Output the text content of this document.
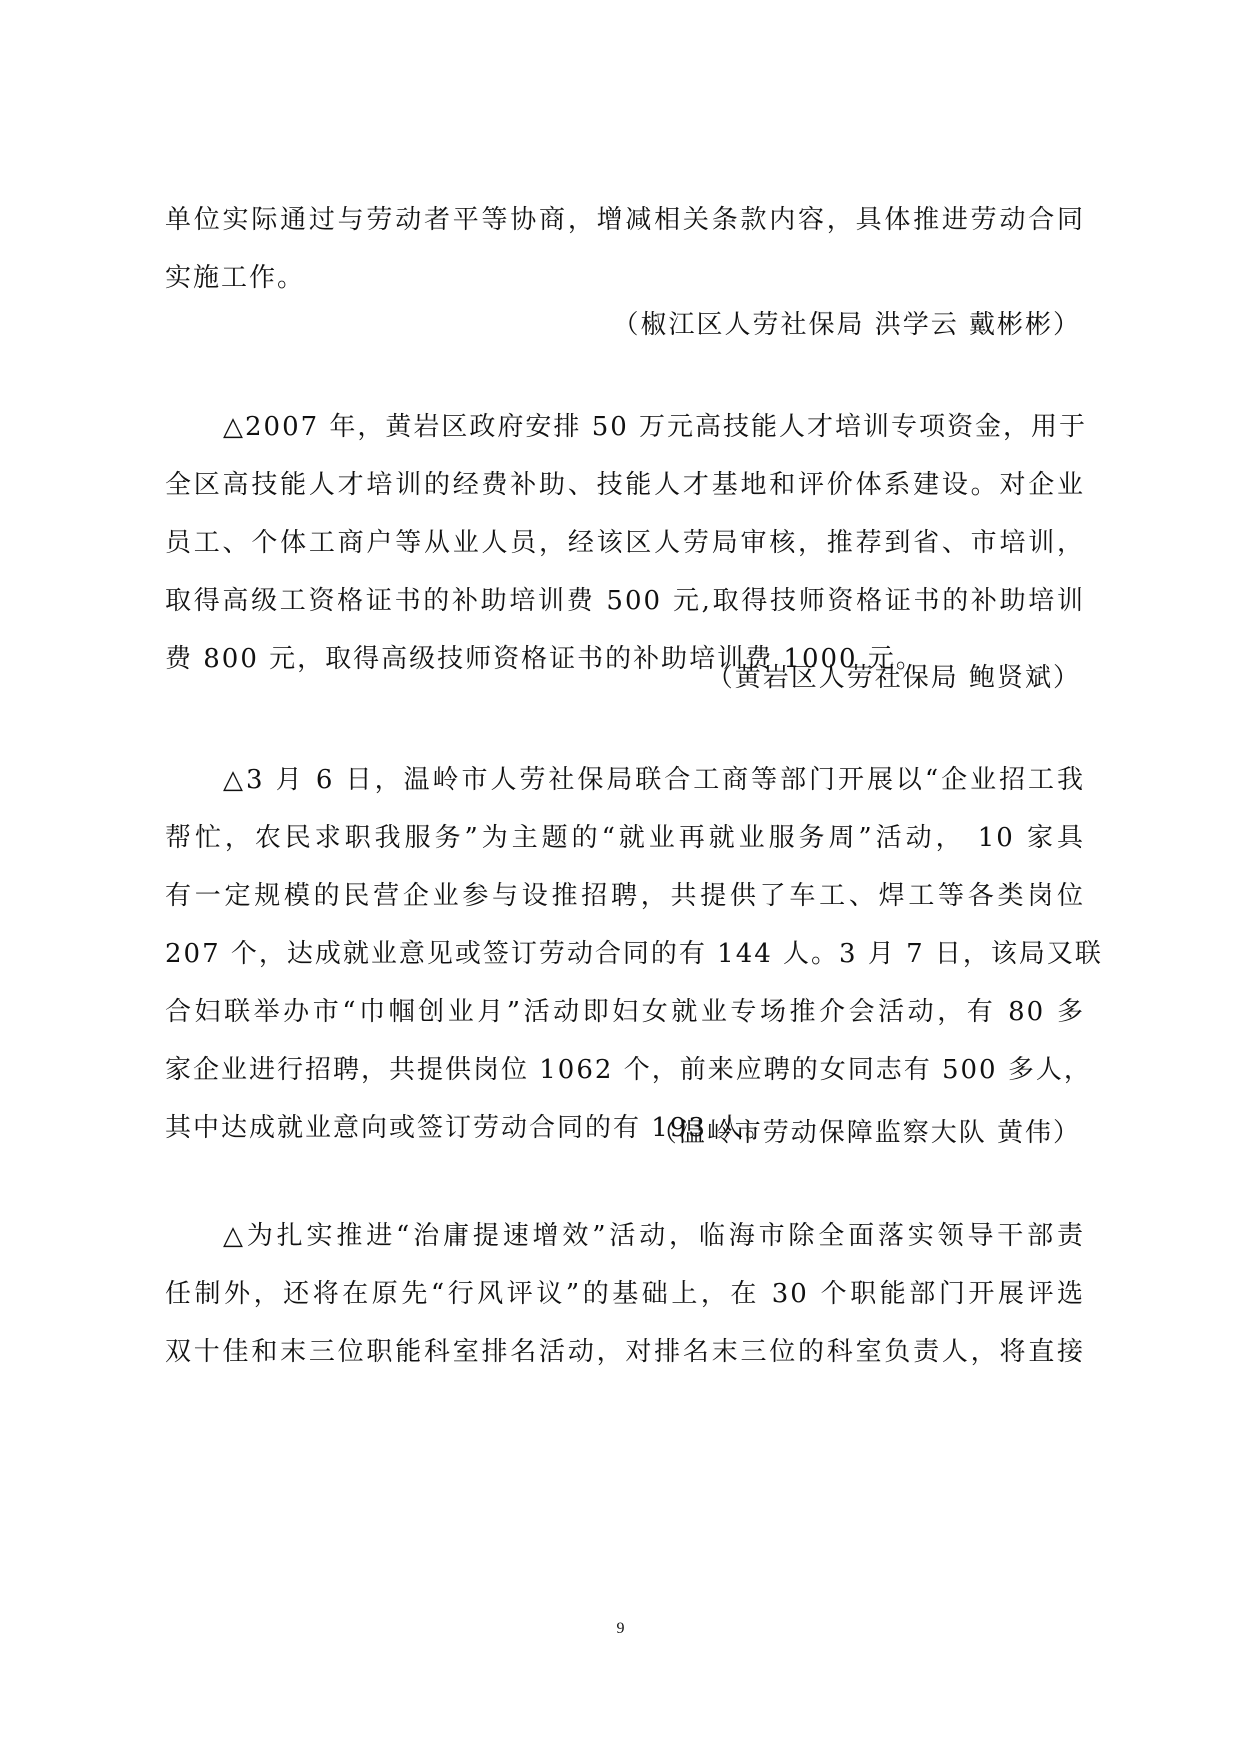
单位实际通过与劳动者平等协商，增减相关条款内容，具体推进劳动合同
实施工作。
（椒江区人劳社保局 洪学云 戴彬彬）
△2007 年，黄岩区政府安排 50 万元高技能人才培训专项资金，用于
全区高技能人才培训的经费补助、技能人才基地和评价体系建设。对企业
员工、个体工商户等从业人员，经该区人劳局审核，推荐到省、市培训，
取得高级工资格证书的补助培训费 500 元,取得技师资格证书的补助培训
费 800 元，取得高级技师资格证书的补助培训费 1000 元。
（黄岩区人劳社保局 鲍贤斌）
△3 月 6 日，温岭市人劳社保局联合工商等部门开展以“企业招工我
帮忙，农民求职我服务”为主题的“就业再就业服务周”活动， 10 家具
有一定规模的民营企业参与设推招聘，共提供了车工、焊工等各类岗位
207 个，达成就业意见或签订劳动合同的有 144 人。3 月 7 日，该局又联
合妇联举办市“巾帼创业月”活动即妇女就业专场推介会活动，有 80 多
家企业进行招聘，共提供岗位 1062 个，前来应聘的女同志有 500 多人，
其中达成就业意向或签订劳动合同的有 193 人。
（温岭市劳动保障监察大队 黄伟）
△为扎实推进“治庸提速增效”活动，临海市除全面落实领导干部责
任制外，还将在原先“行风评议”的基础上，在 30 个职能部门开展评选
双十佳和末三位职能科室排名活动，对排名末三位的科室负责人，将直接
9
